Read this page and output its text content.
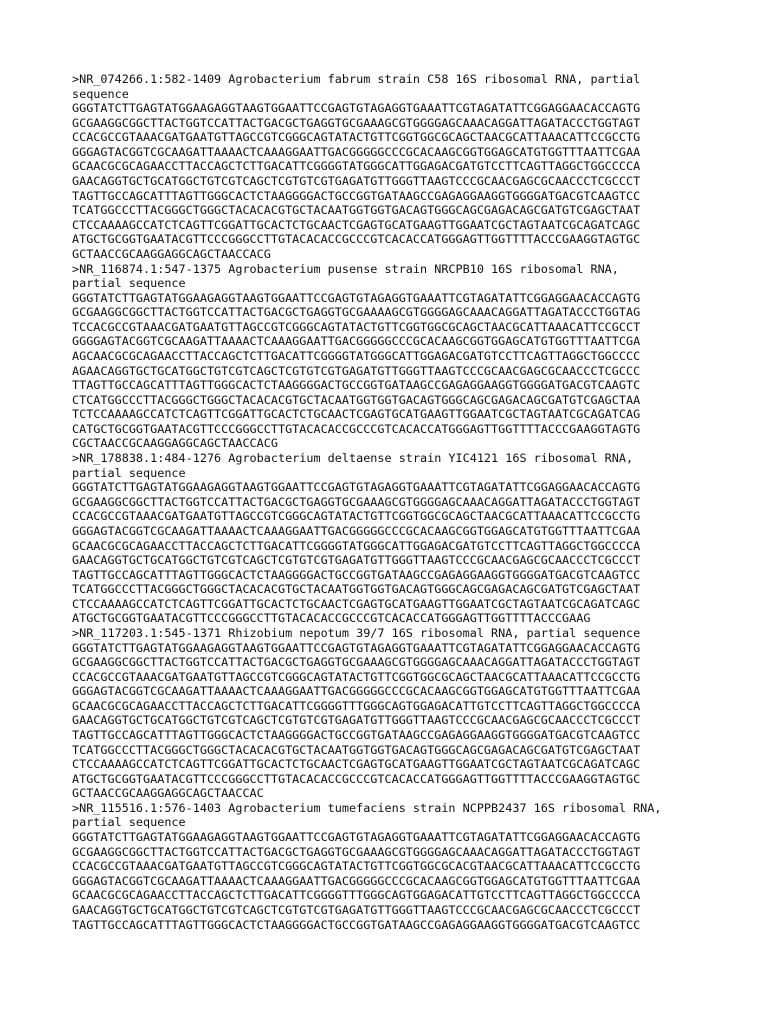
>NR_074266.1:582-1409 Agrobacterium fabrum strain C58 16S ribosomal RNA, partial
sequence
GGGTATCTTGAGTATGGAAGAGGTAAGTGGAATTCCGAGTGTAGAGGTGAAATTCGTAGATATTCGGAGGAACACCAGTG
GCGAAGGCGGCTTACTGGTCCATTACTGACGCTGAGGTGCGAAAGCGTGGGGAGCAAACAGGATTAGATACCCTGGTAGT
CCACGCCGTAAACGATGAATGTTAGCCGTCGGGCAGTATACTGTTCGGTGGCGCAGCTAACGCATTAAACATTCCGCCTG
GGGAGTACGGTCGCAAGATTAAAACTCAAAGGAATTGACGGGGGCCCGCACAAGCGGTGGAGCATGTGGTTTAATTCGAA
GCAACGCGCAGAACCTTACCAGCTCTTGACATTCGGGGTATGGGCATTGGAGACGATGTCCTTCAGTTAGGCTGGCCCCA
GAACAGGTGCTGCATGGCTGTCGTCAGCTCGTGTCGTGAGATGTTGGGTTAAGTCCCGCAACGAGCGCAACCCTCGCCCT
TAGTTGCCAGCATTTAGTTGGGCACTCTAAGGGGACTGCCGGTGATAAGCCGAGAGGAAGGTGGGGATGACGTCAAGTCC
TCATGGCCCTTACGGGCTGGGCTACACACGTGCTACAATGGTGGTGACAGTGGGCAGCGAGACAGCGATGTCGAGCTAAT
CTCCAAAAGCCATCTCAGTTCGGATTGCACTCTGCAACTCGAGTGCATGAAGTTGGAATCGCTAGTAATCGCAGATCAGC
ATGCTGCGGTGAATACGTTCCCGGGCCTTGTACACACCGCCCGTCACACCATGGGAGTTGGTTTTACCCGAAGGTAGTGC
GCTAACCGCAAGGAGGCAGCTAACCACG
>NR_116874.1:547-1375 Agrobacterium pusense strain NRCPB10 16S ribosomal RNA,
partial sequence
GGGTATCTTGAGTATGGAAGAGGTAAGTGGAATTCCGAGTGTAGAGGTGAAATTCGTAGATATTCGGAGGAACACCAGTG
GCGAAGGCGGCTTACTGGTCCATTACTGACGCTGAGGTGCGAAAAGCGTGGGGAGCAAACAGGATTAGATACCCTGGTAG
TCCACGCCGTAAACGATGAATGTTAGCCGTCGGGCAGTATACTGTTCGGTGGCGCAGCTAACGCATTAAACATTCCGCCT
GGGGAGTACGGTCGCAAGATTAAAACTCAAAGGAATTGACGGGGGCCCGCACAAGCGGTGGAGCATGTGGTTTAATTCGA
AGCAACGCGCAGAACCTTACCAGCTCTTGACATTCGGGGTATGGGCATTGGAGACGATGTCCTTCAGTTAGGCTGGCCCC
AGAACAGGTGCTGCATGGCTGTCGTCAGCTCGTGTCGTGAGATGTTGGGTTAAGTCCCGCAACGAGCGCAACCCTCGCCC
TTAGTTGCCAGCATTTAGTTGGGCACTCTAAGGGGACTGCCGGTGATAAGCCGAGAGGAAGGTGGGGATGACGTCAAGTC
CTCATGGCCCTTACGGGCTGGGCTACACACGTGCTACAATGGTGGTGACAGTGGGCAGCGAGACAGCGATGTCGAGCTAA
TCTCCAAAAGCCATCTCAGTTCGGATTGCACTCTGCAACTCGAGTGCATGAAGTTGGAATCGCTAGTAATCGCAGATCAG
CATGCTGCGGTGAATACGTTCCCGGGCCTTGTACACACCGCCCGTCACACCATGGGAGTTGGTTTTACCCGAAGGTAGTG
CGCTAACCGCAAGGAGGCAGCTAACCACG
>NR_178838.1:484-1276 Agrobacterium deltaense strain YIC4121 16S ribosomal RNA,
partial sequence
GGGTATCTTGAGTATGGAAGAGGTAAGTGGAATTCCGAGTGTAGAGGTGAAATTCGTAGATATTCGGAGGAACACCAGTG
GCGAAGGCGGCTTACTGGTCCATTACTGACGCTGAGGTGCGAAAGCGTGGGGAGCAAACAGGATTAGATACCCTGGTAGT
CCACGCCGTAAACGATGAATGTTAGCCGTCGGGCAGTATACTGTTCGGTGGCGCAGCTAACGCATTAAACATTCCGCCTG
GGGAGTACGGTCGCAAGATTAAAACTCAAAGGAATTGACGGGGGCCCGCACAAGCGGTGGAGCATGTGGTTTAATTCGAA
GCAACGCGCAGAACCTTACCAGCTCTTGACATTCGGGGTATGGGCATTGGAGACGATGTCCTTCAGTTAGGCTGGCCCCA
GAACAGGTGCTGCATGGCTGTCGTCAGCTCGTGTCGTGAGATGTTGGGTTAAGTCCCGCAACGAGCGCAACCCTCGCCCT
TAGTTGCCAGCATTTAGTTGGGCACTCTAAGGGGACTGCCGGTGATAAGCCGAGAGGAAGGTGGGGATGACGTCAAGTCC
TCATGGCCCTTACGGGCTGGGCTACACACGTGCTACAATGGTGGTGACAGTGGGCAGCGAGACAGCGATGTCGAGCTAAT
CTCCAAAAGCCATCTCAGTTCGGATTGCACTCTGCAACTCGAGTGCATGAAGTTGGAATCGCTAGTAATCGCAGATCAGC
ATGCTGCGGTGAATACGTTCCCGGGCCTTGTACACACCGCCCGTCACACCATGGGAGTTGGTTTTACCCGAAG
>NR_117203.1:545-1371 Rhizobium nepotum 39/7 16S ribosomal RNA, partial sequence
GGGTATCTTGAGTATGGAAGAGGTAAGTGGAATTCCGAGTGTAGAGGTGAAATTCGTAGATATTCGGAGGAACACCAGTG
GCGAAGGCGGCTTACTGGTCCATTACTGACGCTGAGGTGCGAAAGCGTGGGGAGCAAACAGGATTAGATACCCTGGTAGT
CCACGCCGTAAACGATGAATGTTAGCCGTCGGGCAGTATACTGTTCGGTGGCGCAGCTAACGCATTAAACATTCCGCCTG
GGGAGTACGGTCGCAAGATTAAAACTCAAAGGAATTGACGGGGGCCCGCACAAGCGGTGGAGCATGTGGTTTAATTCGAA
GCAACGCGCAGAACCTTACCAGCTCTTGACATTCGGGGTTTGGGCAGTGGAGACATTGTCCTTCAGTTAGGCTGGCCCCA
GAACAGGTGCTGCATGGCTGTCGTCAGCTCGTGTCGTGAGATGTTGGGTTAAGTCCCGCAACGAGCGCAACCCTCGCCCT
TAGTTGCCAGCATTTAGTTGGGCACTCTAAGGGGACTGCCGGTGATAAGCCGAGAGGAAGGTGGGGATGACGTCAAGTCC
TCATGGCCCTTACGGGCTGGGCTACACACGTGCTACAATGGTGGTGACAGTGGGCAGCGAGACAGCGATGTCGAGCTAAT
CTCCAAAAGCCATCTCAGTTCGGATTGCACTCTGCAACTCGAGTGCATGAAGTTGGAATCGCTAGTAATCGCAGATCAGC
ATGCTGCGGTGAATACGTTCCCGGGCCTTGTACACACCGCCCGTCACACCATGGGAGTTGGTTTTACCCGAAGGTAGTGC
GCTAACCGCAAGGAGGCAGCTAACCAC
>NR_115516.1:576-1403 Agrobacterium tumefaciens strain NCPPB2437 16S ribosomal RNA,
partial sequence
GGGTATCTTGAGTATGGAAGAGGTAAGTGGAATTCCGAGTGTAGAGGTGAAATTCGTAGATATTCGGAGGAACACCAGTG
GCGAAGGCGGCTTACTGGTCCATTACTGACGCTGAGGTGCGAAAGCGTGGGGAGCAAACAGGATTAGATACCCTGGTAGT
CCACGCCGTAAACGATGAATGTTAGCCGTCGGGCAGTATACTGTTCGGTGGCGCACGTAACGCATTAAACATTCCGCCTG
GGGAGTACGGTCGCAAGATTAAAACTCAAAGGAATTGACGGGGGCCCGCACAAGCGGTGGAGCATGTGGTTTAATTCGAA
GCAACGCGCAGAACCTTACCAGCTCTTGACATTCGGGGTTTGGGCAGTGGAGACATTGTCCTTCAGTTAGGCTGGCCCCA
GAACAGGTGCTGCATGGCTGTCGTCAGCTCGTGTCGTGAGATGTTGGGTTAAGTCCCGCAACGAGCGCAACCCTCGCCCT
TAGTTGCCAGCATTTAGTTGGGCACTCTAAGGGGACTGCCGGTGATAAGCCGAGAGGAAGGTGGGGATGACGTCAAGTCC
